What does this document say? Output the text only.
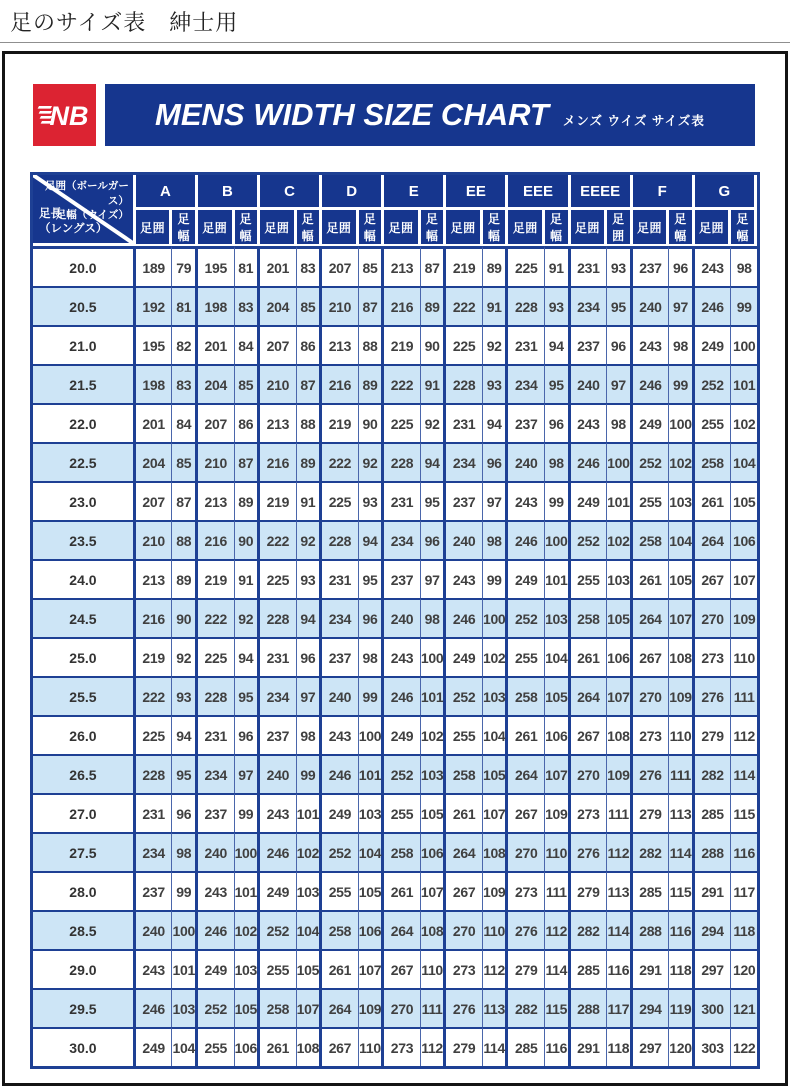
足のサイズ表　紳士用
NB MENS WIDTH SIZE CHART メンズ ウイズ サイズ表
足囲（ボールガース）
足幅（ウイズ）
足長
（レングス）	A		B		C		D		E		EE		EEE		EEEE		F		G	
	足囲	足幅	足囲	足幅	足囲	足幅	足囲	足幅	足囲	足幅	足囲	足幅	足囲	足幅	足囲	足囲	足囲	足幅	足囲	足幅
20.0	189	79	195	81	201	83	207	85	213	87	219	89	225	91	231	93	237	96	243	98
20.5	192	81	198	83	204	85	210	87	216	89	222	91	228	93	234	95	240	97	246	99
21.0	195	82	201	84	207	86	213	88	219	90	225	92	231	94	237	96	243	98	249	100
21.5	198	83	204	85	210	87	216	89	222	91	228	93	234	95	240	97	246	99	252	101
22.0	201	84	207	86	213	88	219	90	225	92	231	94	237	96	243	98	249	100	255	102
22.5	204	85	210	87	216	89	222	92	228	94	234	96	240	98	246	100	252	102	258	104
23.0	207	87	213	89	219	91	225	93	231	95	237	97	243	99	249	101	255	103	261	105
23.5	210	88	216	90	222	92	228	94	234	96	240	98	246	100	252	102	258	104	264	106
24.0	213	89	219	91	225	93	231	95	237	97	243	99	249	101	255	103	261	105	267	107
24.5	216	90	222	92	228	94	234	96	240	98	246	100	252	103	258	105	264	107	270	109
25.0	219	92	225	94	231	96	237	98	243	100	249	102	255	104	261	106	267	108	273	110
25.5	222	93	228	95	234	97	240	99	246	101	252	103	258	105	264	107	270	109	276	111
26.0	225	94	231	96	237	98	243	100	249	102	255	104	261	106	267	108	273	110	279	112
26.5	228	95	234	97	240	99	246	101	252	103	258	105	264	107	270	109	276	111	282	114
27.0	231	96	237	99	243	101	249	103	255	105	261	107	267	109	273	111	279	113	285	115
27.5	234	98	240	100	246	102	252	104	258	106	264	108	270	110	276	112	282	114	288	116
28.0	237	99	243	101	249	103	255	105	261	107	267	109	273	111	279	113	285	115	291	117
28.5	240	100	246	102	252	104	258	106	264	108	270	110	276	112	282	114	288	116	294	118
29.0	243	101	249	103	255	105	261	107	267	110	273	112	279	114	285	116	291	118	297	120
29.5	246	103	252	105	258	107	264	109	270	111	276	113	282	115	288	117	294	119	300	121
30.0	249	104	255	106	261	108	267	110	273	112	279	114	285	116	291	118	297	120	303	122
